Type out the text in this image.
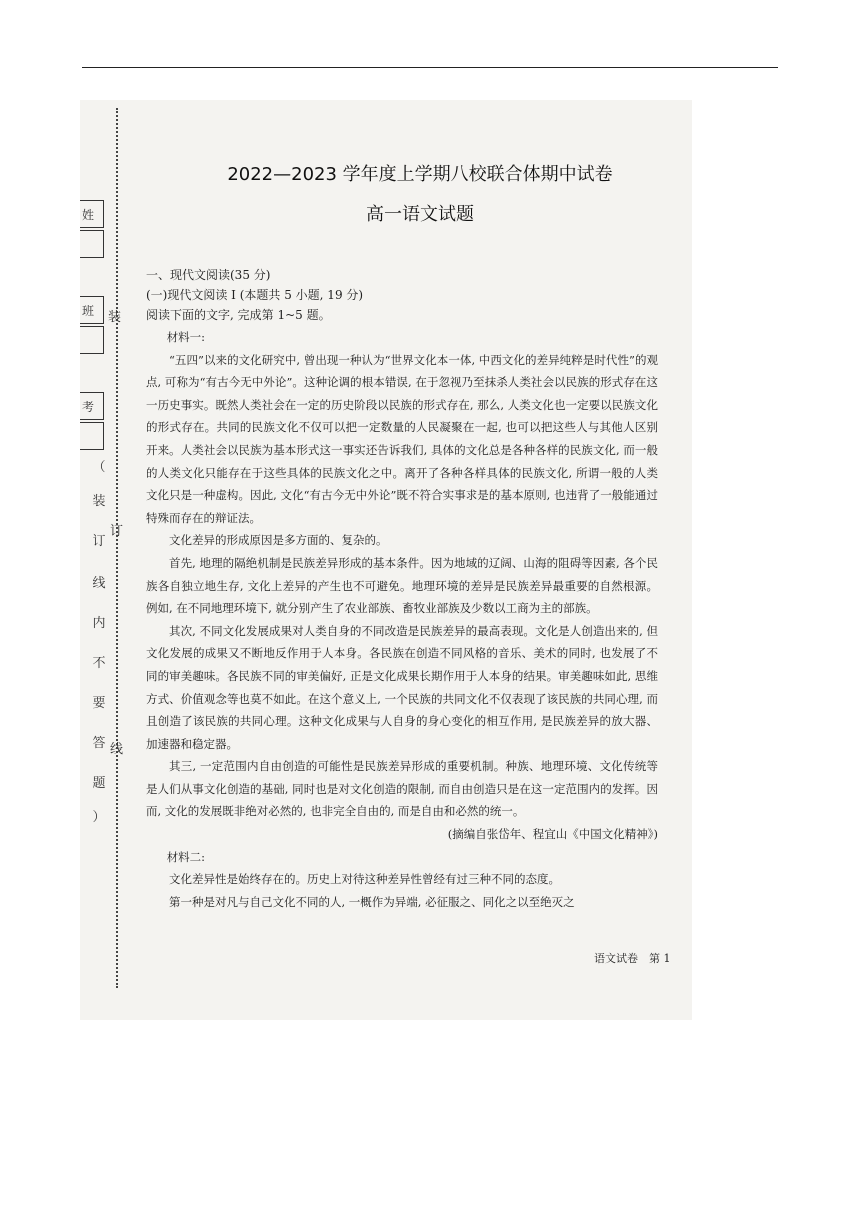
姓
班
考
（
装
订
线
内
不
要
答
题
）
装
订
线
2022—2023 学年度上学期八校联合体期中试卷
高一语文试题
一、现代文阅读(35 分)
(一)现代文阅读 I (本题共 5 小题, 19 分)
阅读下面的文字, 完成第 1~5 题。

材料一:

“五四”以来的文化研究中, 曾出现一种认为“世界文化本一体, 中西文化的差异纯粹是时代性”的观点, 可称为“有古今无中外论”。这种论调的根本错误, 在于忽视乃至抹杀人类社会以民族的形式存在这一历史事实。既然人类社会在一定的历史阶段以民族的形式存在, 那么, 人类文化也一定要以民族文化的形式存在。共同的民族文化不仅可以把一定数量的人民凝聚在一起, 也可以把这些人与其他人区别开来。人类社会以民族为基本形式这一事实还告诉我们, 具体的文化总是各种各样的民族文化, 而一般的人类文化只能存在于这些具体的民族文化之中。离开了各种各样具体的民族文化, 所谓一般的人类文化只是一种虚构。因此, 文化“有古今无中外论”既不符合实事求是的基本原则, 也违背了一般能通过特殊而存在的辩证法。

文化差异的形成原因是多方面的、复杂的。

首先, 地理的隔绝机制是民族差异形成的基本条件。因为地域的辽阔、山海的阻碍等因素, 各个民族各自独立地生存, 文化上差异的产生也不可避免。地理环境的差异是民族差异最重要的自然根源。例如, 在不同地理环境下, 就分别产生了农业部族、畜牧业部族及少数以工商为主的部族。

其次, 不同文化发展成果对人类自身的不同改造是民族差异的最高表现。文化是人创造出来的, 但文化发展的成果又不断地反作用于人本身。各民族在创造不同风格的音乐、美术的同时, 也发展了不同的审美趣味。各民族不同的审美偏好, 正是文化成果长期作用于人本身的结果。审美趣味如此, 思维方式、价值观念等也莫不如此。在这个意义上, 一个民族的共同文化不仅表现了该民族的共同心理, 而且创造了该民族的共同心理。这种文化成果与人自身的身心变化的相互作用, 是民族差异的放大器、加速器和稳定器。

其三, 一定范围内自由创造的可能性是民族差异形成的重要机制。种族、地理环境、文化传统等是人们从事文化创造的基础, 同时也是对文化创造的限制, 而自由创造只是在这一定范围内的发挥。因而, 文化的发展既非绝对必然的, 也非完全自由的, 而是自由和必然的统一。

(摘编自张岱年、程宜山《中国文化精神》)

材料二:

文化差异性是始终存在的。历史上对待这种差异性曾经有过三种不同的态度。

第一种是对凡与自己文化不同的人, 一概作为异端, 必征服之、同化之以至绝灭之

语文试卷　第 1
